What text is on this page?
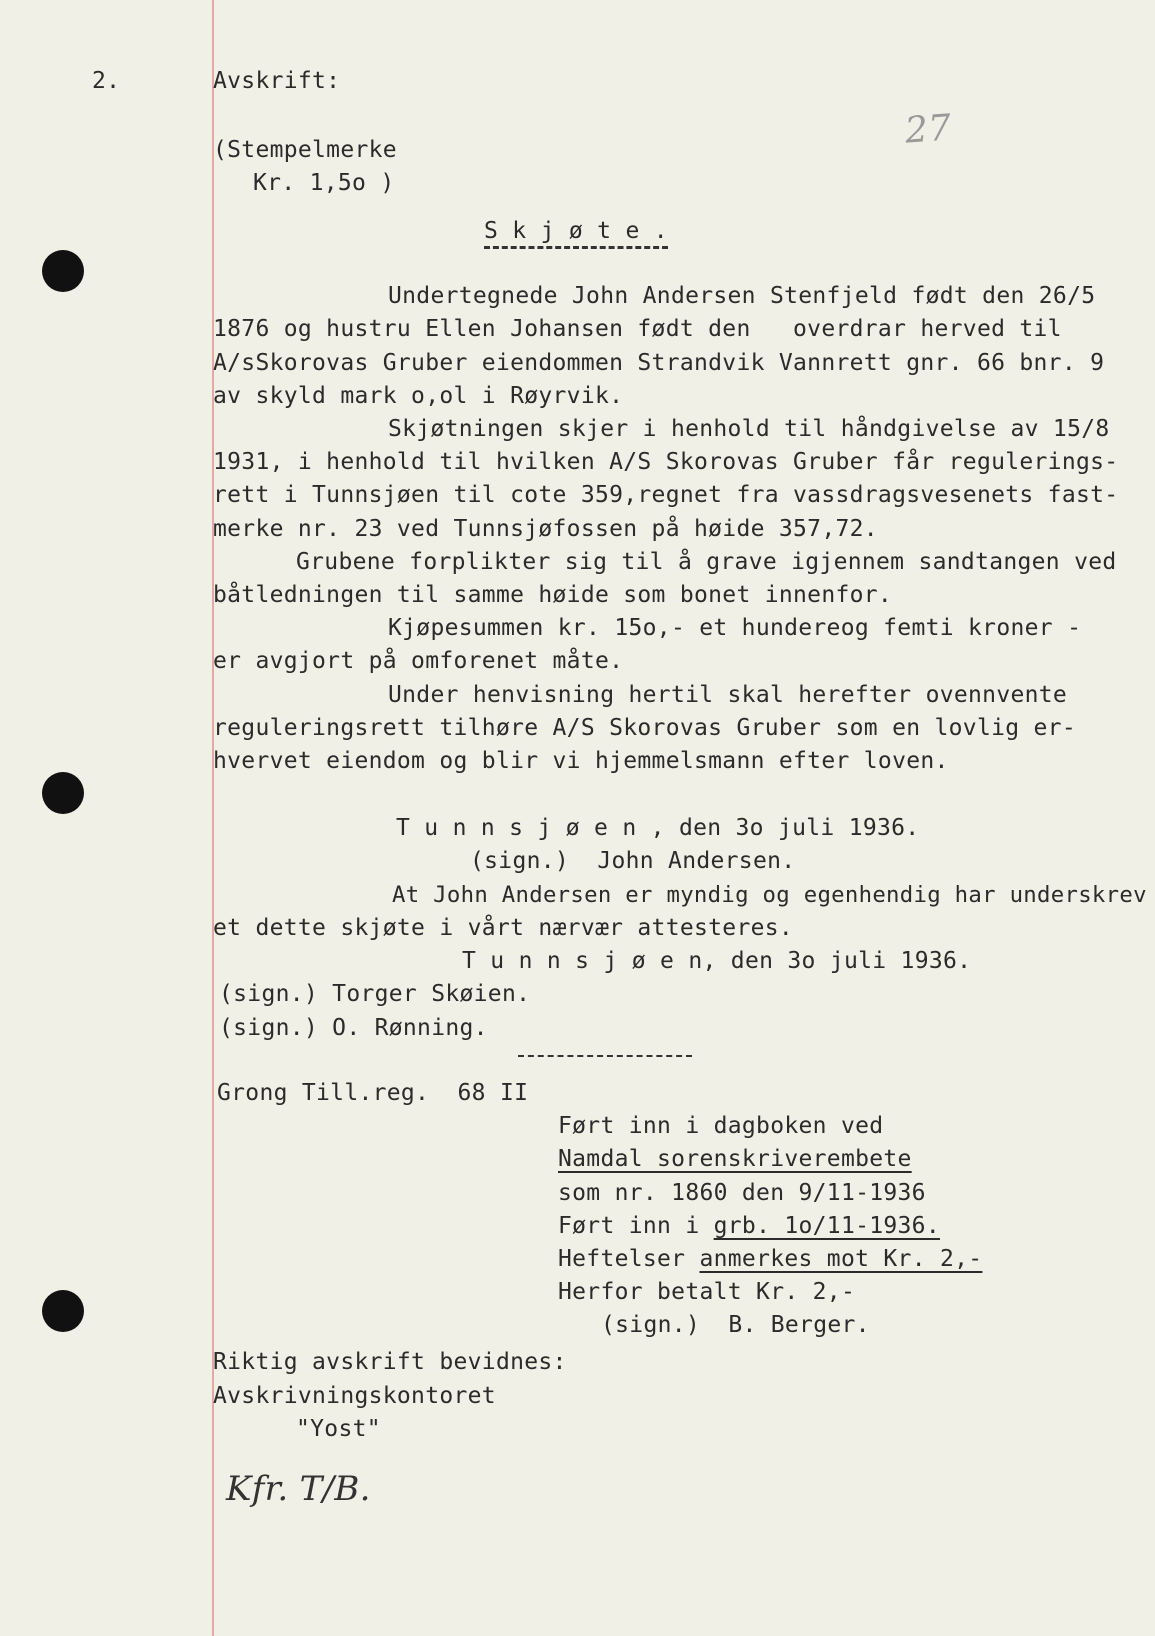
2.	Avskrift:
27
(Stempelmerke
Kr. 1,5o )
S k j ø t e .
Undertegnede John Andersen Stenfjeld født den 26/5
1876 og hustru Ellen Johansen født den   overdrar herved til
A/sSkorovas Gruber eiendommen Strandvik Vannrett gnr. 66 bnr. 9
av skyld mark o,ol i Røyrvik.
Skjøtningen skjer i henhold til håndgivelse av 15/8
1931, i henhold til hvilken A/S Skorovas Gruber får regulerings-
rett i Tunnsjøen til cote 359,regnet fra vassdragsvesenets fast-
merke nr. 23 ved Tunnsjøfossen på høide 357,72.
Grubene forplikter sig til å grave igjennem sandtangen ved
båtledningen til samme høide som bonet innenfor.
Kjøpesummen kr. 15o,- et hundereog femti kroner -
er avgjort på omforenet måte.
Under henvisning hertil skal herefter ovennvente
reguleringsrett tilhøre A/S Skorovas Gruber som en lovlig er-
hvervet eiendom og blir vi hjemmelsmann efter loven.
T u n n s j ø e n , den 3o juli 1936.
(sign.)  John Andersen.
At John Andersen er myndig og egenhendig har underskrev
et dette skjøte i vårt nærvær attesteres.
T u n n s j ø e n, den 3o juli 1936.
(sign.) Torger Skøien.
(sign.) O. Rønning.
Grong Till.reg.  68 II
Ført inn i dagboken ved
Namdal sorenskriverembete
som nr. 1860 den 9/11-1936
Ført inn i grb. 1o/11-1936.
Heftelser anmerkes mot Kr. 2,-
Herfor betalt Kr. 2,-
(sign.)  B. Berger.
Riktig avskrift bevidnes:
Avskrivningskontoret
"Yost"
Kfr. T/B.
